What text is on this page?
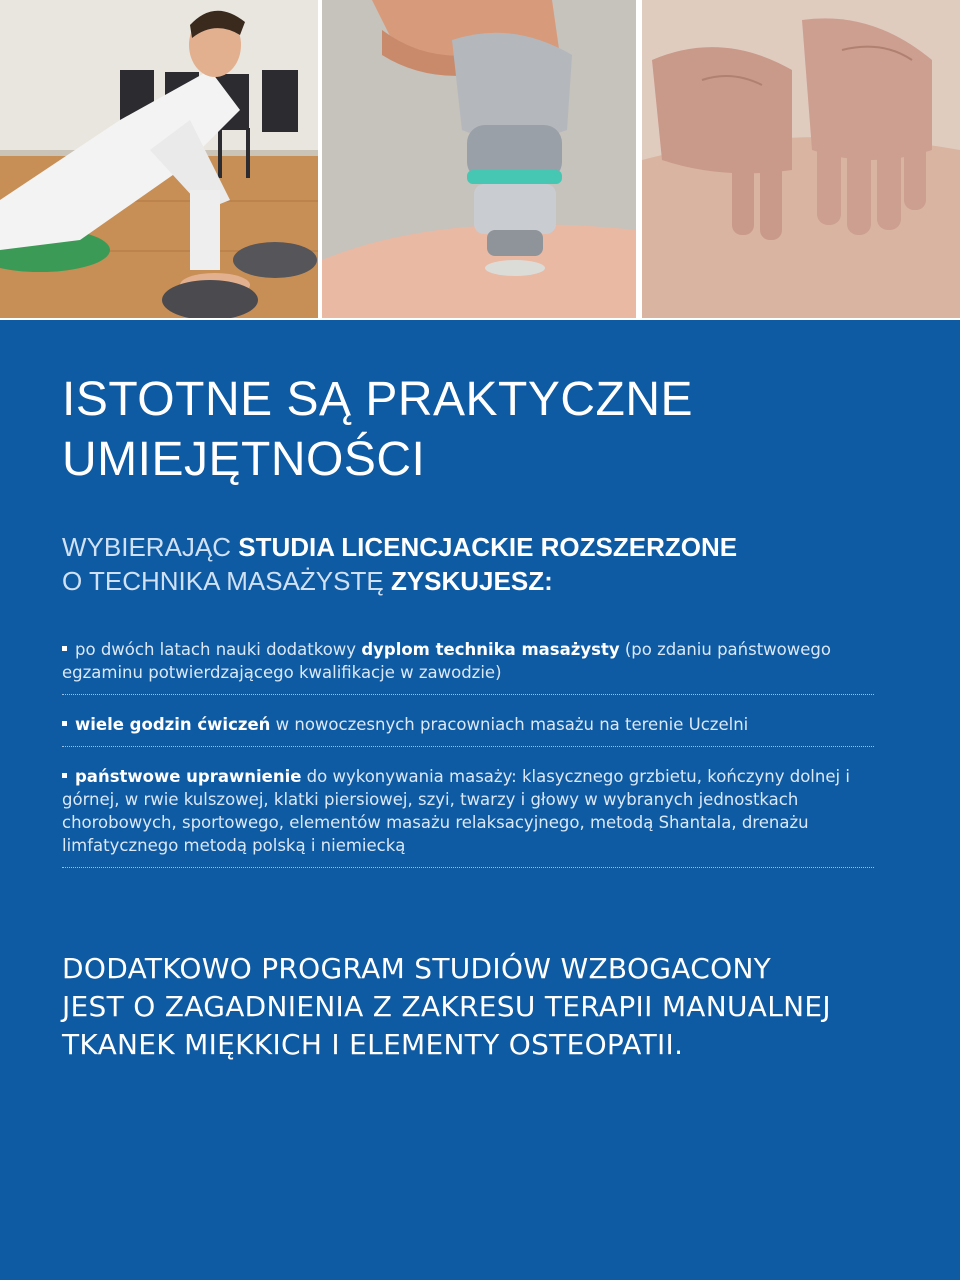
ISTOTNE SĄ PRAKTYCZNE
UMIEJĘTNOŚCI
WYBIERAJĄC STUDIA LICENCJACKIE ROZSZERZONE
O TECHNIKA MASAŻYSTĘ ZYSKUJESZ:
po dwóch latach nauki dodatkowy dyplom technika masażysty (po zdaniu państwowego egzaminu potwierdzającego kwalifikacje w zawodzie)
wiele godzin ćwiczeń w nowoczesnych pracowniach masażu na terenie Uczelni
państwowe uprawnienie do wykonywania masaży: klasycznego grzbietu, kończyny dolnej i górnej, w rwie kulszowej, klatki piersiowej, szyi, twarzy i głowy w wybranych jednostkach chorobowych, sportowego, elementów masażu relaksacyjnego, metodą Shantala, drenażu limfatycznego metodą polską i niemiecką

DODATKOWO PROGRAM STUDIÓW WZBOGACONY
JEST O ZAGADNIENIA Z ZAKRESU TERAPII MANUALNEJ
TKANEK MIĘKKICH I ELEMENTY OSTEOPATII.
